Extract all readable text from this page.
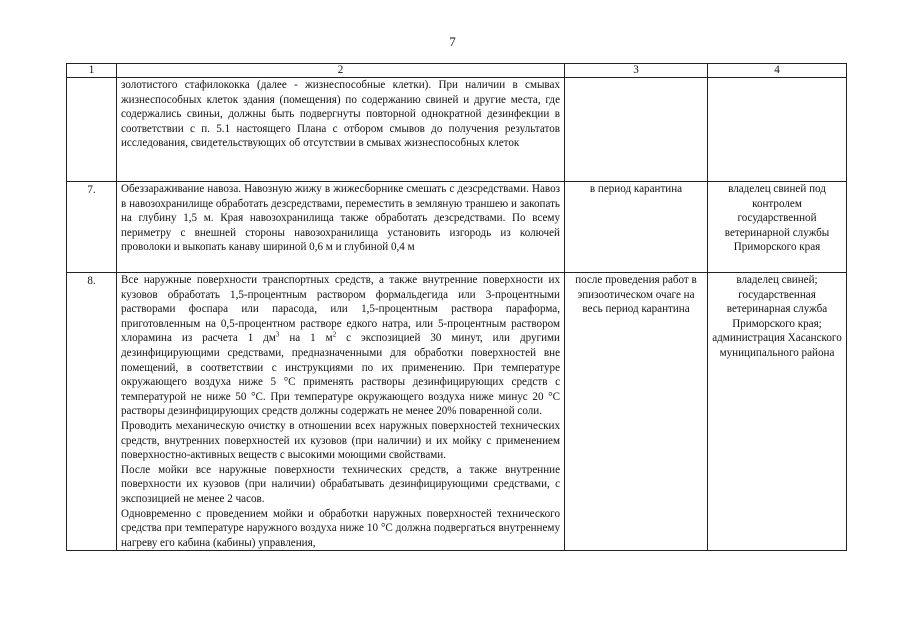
7
1	2	3	4

	золотистого стафилококка (далее - жизнеспособные клетки). При наличии в смывах жизнеспособных клеток здания (помещения) по содержанию свиней и другие места, где содержались свиньи, должны быть подвергнуты повторной однократной дезинфекции в соответствии с п. 5.1 настоящего Плана с отбором смывов до получения результатов исследования, свидетельствующих об отсутствии в смывах жизнеспособных клеток		

7.	Обеззараживание навоза. Навозную жижу в жижесборнике смешать с дезсредствами. Навоз в навозохранилище обработать дезсредствами, переместить в земляную траншею и закопать на глубину 1,5 м. Края навозохранилища также обработать дезсредствами. По всему периметру с внешней стороны навозохранилища установить изгородь из колючей проволоки и выкопать канаву шириной 0,6 м и глубиной 0,4 м	в период карантина	владелец свиней под контролем государственной ветеринарной службы Приморского края
8.	Все наружные поверхности транспортных средств, а также внутренние поверхности их кузовов обработать 1,5-процентным раствором формальдегида или 3-процентными растворами фоспара или парасода, или 1,5-процентным раствора параформа, приготовленным на 0,5-процентном растворе едкого натра, или 5-процентным раствором хлорамина из расчета 1 $дм^3$ на 1 $м^2$ с экспозицией 30 минут, или другими дезинфицирующими средствами, предназначенными для обработки поверхностей вне помещений, в соответствии с инструкциями по их применению. При температуре окружающего воздуха ниже 5 °С применять растворы дезинфицирующих средств с температурой не ниже 50 °С. При температуре окружающего воздуха ниже минус 20 °С растворы дезинфицирующих средств должны содержать не менее 20% поваренной соли.

Проводить механическую очистку в отношении всех наружных поверхностей технических средств, внутренних поверхностей их кузовов (при наличии) и их мойку с применением поверхностно-активных веществ с высокими моющими свойствами.

После мойки все наружные поверхности технических средств, а также внутренние поверхности их кузовов (при наличии) обрабатывать дезинфицирующими средствами, с экспозицией не менее 2 часов.

Одновременно с проведением мойки и обработки наружных поверхностей технического средства при температуре наружного воздуха ниже 10 °С должна подвергаться внутреннему нагреву его кабина (кабины) управления,	после проведения работ в эпизоотическом очаге на весь период карантина	владелец свиней; государственная ветеринарная служба Приморского края; администрация Хасанского муниципального района
